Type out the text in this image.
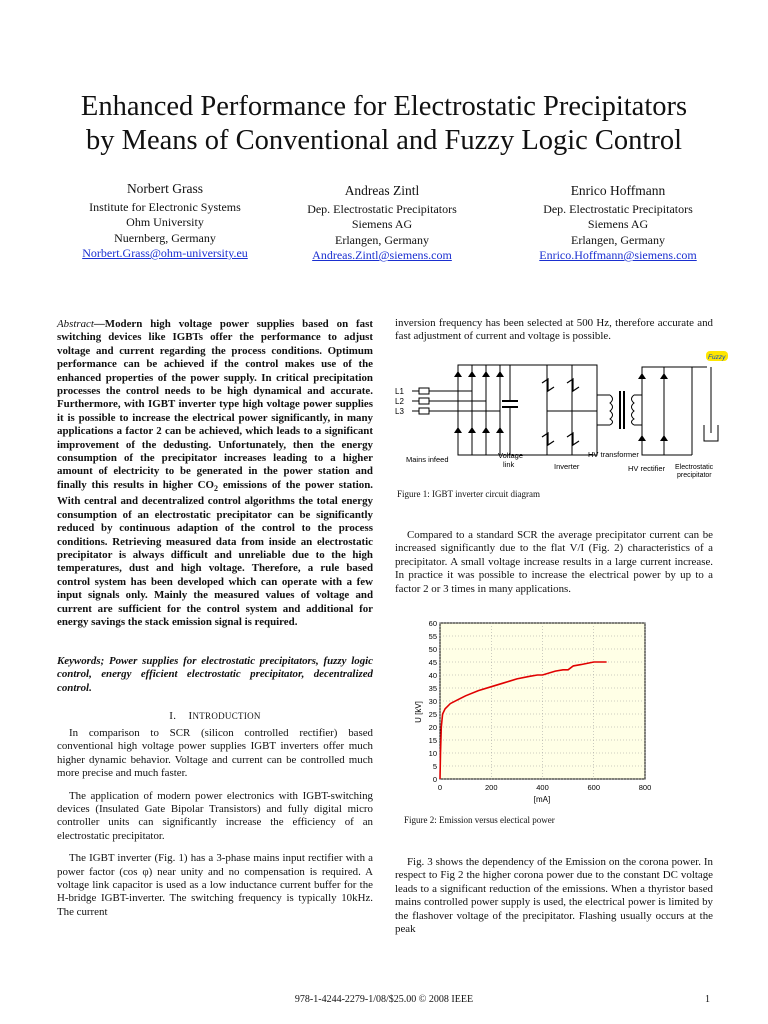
Enhanced Performance for Electrostatic Precipitators
by Means of Conventional and Fuzzy Logic Control
Norbert Grass
Institute for Electronic Systems
Ohm University
Nuernberg, Germany
Norbert.Grass@ohm-university.eu
Andreas Zintl
Dep. Electrostatic Precipitators
Siemens AG
Erlangen, Germany
Andreas.Zintl@siemens.com
Enrico Hoffmann
Dep. Electrostatic Precipitators
Siemens AG
Erlangen, Germany
Enrico.Hoffmann@siemens.com
Abstract—Modern high voltage power supplies based on fast switching devices like IGBTs offer the performance to adjust voltage and current regarding the process conditions. Optimum performance can be achieved if the control makes use of the enhanced properties of the power supply. In critical precipitation processes the control needs to be high dynamical and accurate. Furthermore, with IGBT inverter type high voltage power supplies it is possible to increase the electrical power significantly, in many applications a factor 2 can be achieved, which leads to a significant improvement of the dedusting. Unfortunately, then the energy consumption of the precipitator increases leading to a higher amount of electricity to be generated in the power station and finally this results in higher $CO_2$ emissions of the power station. With central and decentralized control algorithms the total energy consumption of an electrostatic precipitator can be significantly reduced by continuous adaption of the control to the process conditions. Retrieving measured data from inside an electrostatic precipitator is always difficult and unreliable due to the high temperatures, dust and high voltage. Therefore, a rule based control system has been developed which can operate with a few input signals only. Mainly the measured values of voltage and current are sufficient for the control system and additional for energy savings the stack emission signal is required.
Keywords; Power supplies for electrostatic precipitators, fuzzy logic control, energy efficient electrostatic precipitator, decentralized control.
I. INTRODUCTION

In comparison to SCR (silicon controlled rectifier) based conventional high voltage power supplies IGBT inverters offer much higher dynamic behavior. Voltage and current can be controlled much more precise and much faster.

The application of modern power electronics with IGBT-switching devices (Insulated Gate Bipolar Transistors) and fully digital micro controller units can significantly increase the efficiency of an electrostatic precipitator.

The IGBT inverter (Fig. 1) has a 3-phase mains input rectifier with a power factor (cos φ) near unity and no compensation is required. A voltage link capacitor is used as a low inductance current buffer for the H-bridge IGBT-inverter. The switching frequency is typically 10kHz. The current

inversion frequency has been selected at 500 Hz, therefore accurate and fast adjustment of current and voltage is possible.
L1
L2
L3
Mains infeed	Voltage
link	Inverter
HV transformer
HV rectifier Electrostatic
precipitator
Fuzzy
Figure 1: IGBT inverter circuit diagram
Compared to a standard SCR the average precipitator current can be increased significantly due to the flat V/I (Fig. 2) characteristics of a precipitator. A small voltage increase results in a large current increase. In practice it was possible to increase the electrical power by up to a factor 2 or 3 times in many applications.
0
5
10
15
20
25
30
35
40
45
50
55
60
0	200	400	600	800
U [kV]
[mA]
Figure 2: Emission versus electical power
Fig. 3 shows the dependency of the Emission on the corona power. In respect to Fig 2 the higher corona power due to the constant DC voltage leads to a significant reduction of the emissions. When a thyristor based mains controlled power supply is used, the electrical power is limited by the flashover voltage of the precipitator. Flashing usually occurs at the peak
978-1-4244-2279-1/08/$25.00 © 2008 IEEE	1
